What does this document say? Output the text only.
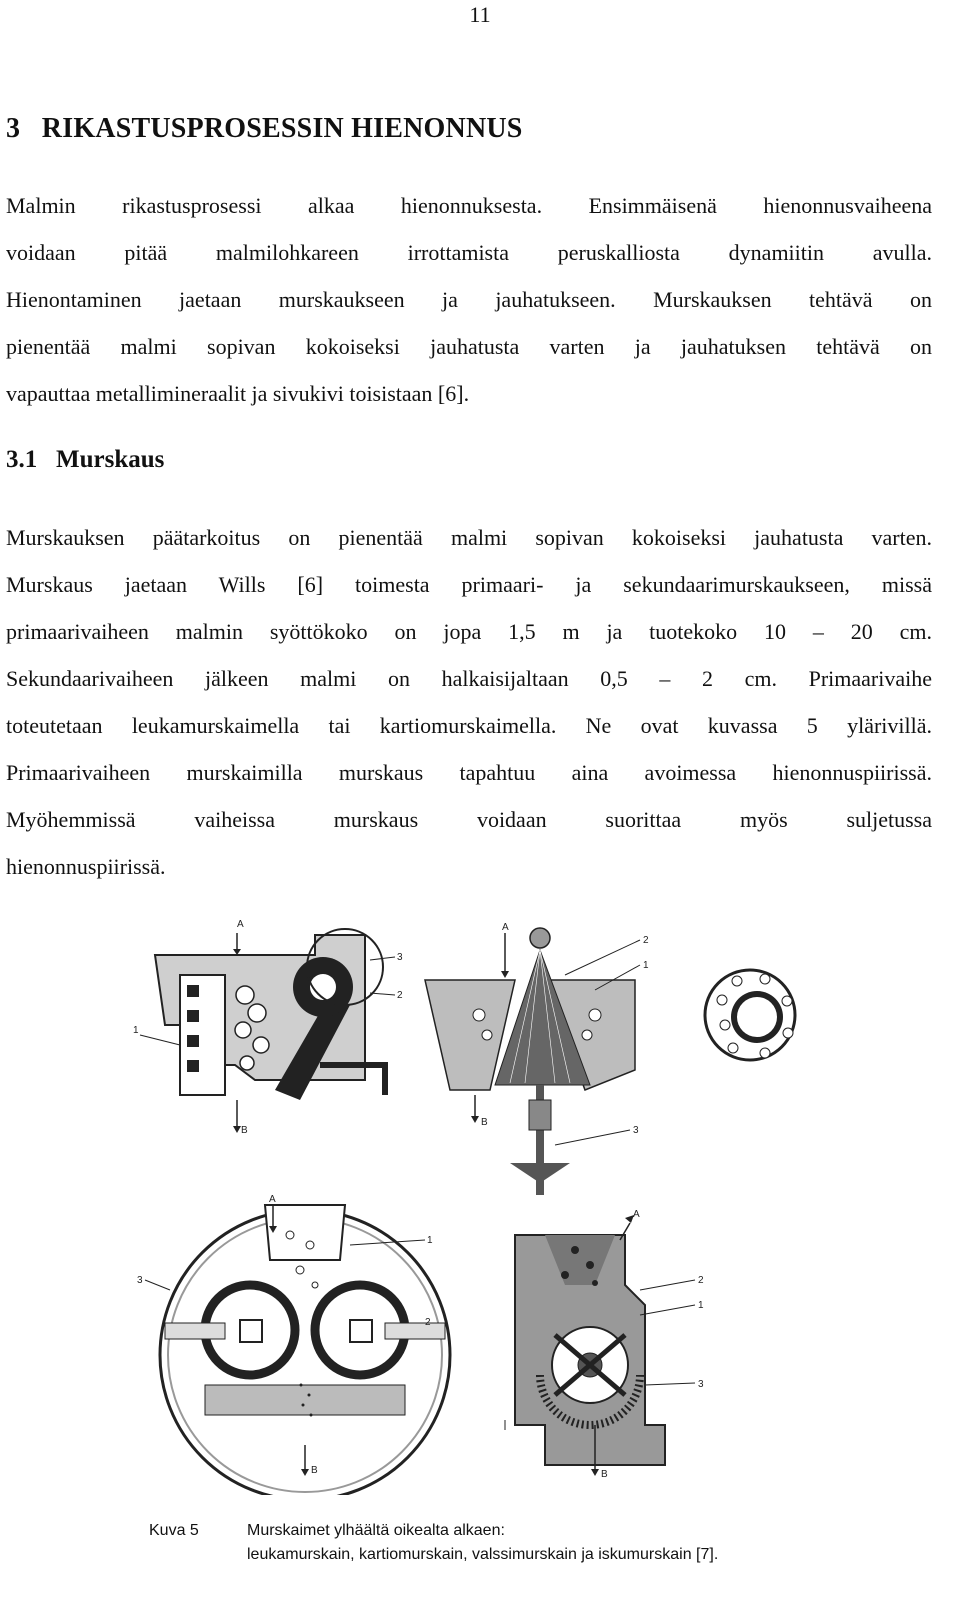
11
3   RIKASTUSPROSESSIN HIENONNUS
Malmin rikastusprosessi alkaa hienonnuksesta. Ensimmäisenä hienonnusvaiheena
voidaan pitää malmilohkareen irrottamista peruskalliosta dynamiitin avulla.
Hienontaminen jaetaan murskaukseen ja jauhatukseen. Murskauksen tehtävä on
pienentää malmi sopivan kokoiseksi jauhatusta varten ja jauhatuksen tehtävä on
vapauttaa metallimineraalit ja sivukivi toisistaan [6].
3.1   Murskaus
Murskauksen päätarkoitus on pienentää malmi sopivan kokoiseksi jauhatusta varten.
Murskaus jaetaan Wills [6] toimesta primaari- ja sekundaarimurskaukseen, missä
primaarivaiheen malmin syöttökoko on jopa 1,5 m ja tuotekoko 10 – 20 cm.
Sekundaarivaiheen jälkeen malmi on halkaisijaltaan 0,5 – 2 cm. Primaarivaihe
toteutetaan leukamurskaimella tai kartiomurskaimella. Ne ovat kuvassa 5 ylärivillä.
Primaarivaiheen murskaimilla murskaus tapahtuu aina avoimessa hienonnuspiirissä.
Myöhemmissä vaiheissa murskaus voidaan suorittaa myös suljetussa
hienonnuspiirissä.
A
B
1
2
3
A
B
1
2
3
A
B
1
2
3
A
B
1
2
3
Kuva 5	Murskaimet ylhäältä oikealta alkaen:
leukamurskain, kartiomurskain, valssimurskain ja iskumurskain [7].
